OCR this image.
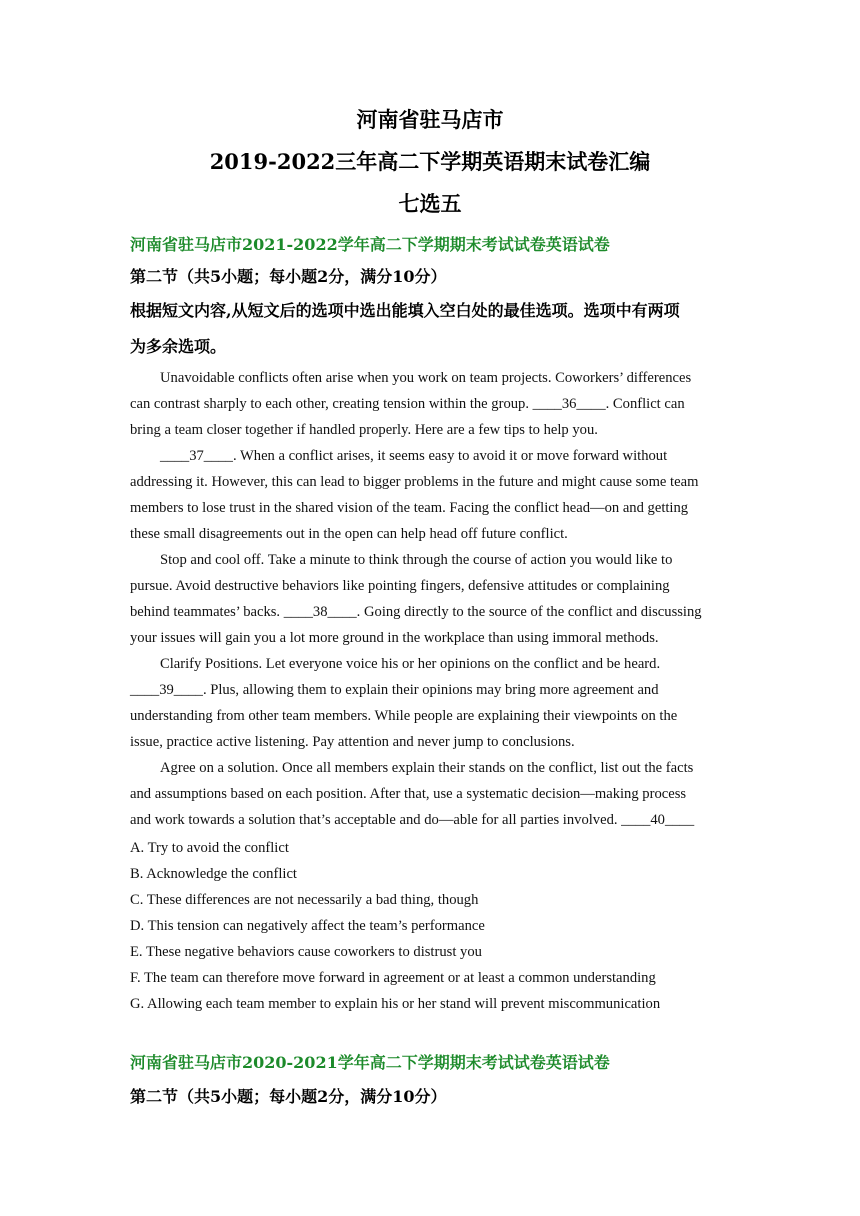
河南省驻马店市
2019-2022三年高二下学期英语期末试卷汇编
七选五
河南省驻马店市2021-2022学年高二下学期期末考试试卷英语试卷
第二节（共5小题；每小题2分，满分10分）
根据短文内容,从短文后的选项中选出能填入空白处的最佳选项。选项中有两项
为多余选项。
Unavoidable conflicts often arise when you work on team projects. Coworkers’ differences
can contrast sharply to each other, creating tension within the group. ____36____. Conflict can
bring a team closer together if handled properly. Here are a few tips to help you.
____37____. When a conflict arises, it seems easy to avoid it or move forward without
addressing it. However, this can lead to bigger problems in the future and might cause some team
members to lose trust in the shared vision of the team. Facing the conflict head—on and getting
these small disagreements out in the open can help head off future conflict.
Stop and cool off. Take a minute to think through the course of action you would like to
pursue. Avoid destructive behaviors like pointing fingers, defensive attitudes or complaining
behind teammates’ backs. ____38____. Going directly to the source of the conflict and discussing
your issues will gain you a lot more ground in the workplace than using immoral methods.
Clarify Positions. Let everyone voice his or her opinions on the conflict and be heard.
____39____. Plus, allowing them to explain their opinions may bring more agreement and
understanding from other team members. While people are explaining their viewpoints on the
issue, practice active listening. Pay attention and never jump to conclusions.
Agree on a solution. Once all members explain their stands on the conflict, list out the facts
and assumptions based on each position. After that, use a systematic decision—making process
and work towards a solution that’s acceptable and do—able for all parties involved. ____40____
A. Try to avoid the conflict
B. Acknowledge the conflict
C. These differences are not necessarily a bad thing, though
D. This tension can negatively affect the team’s performance
E. These negative behaviors cause coworkers to distrust you
F. The team can therefore move forward in agreement or at least a common understanding
G. Allowing each team member to explain his or her stand will prevent miscommunication
河南省驻马店市2020-2021学年高二下学期期末考试试卷英语试卷
第二节（共5小题；每小题2分，满分10分）
